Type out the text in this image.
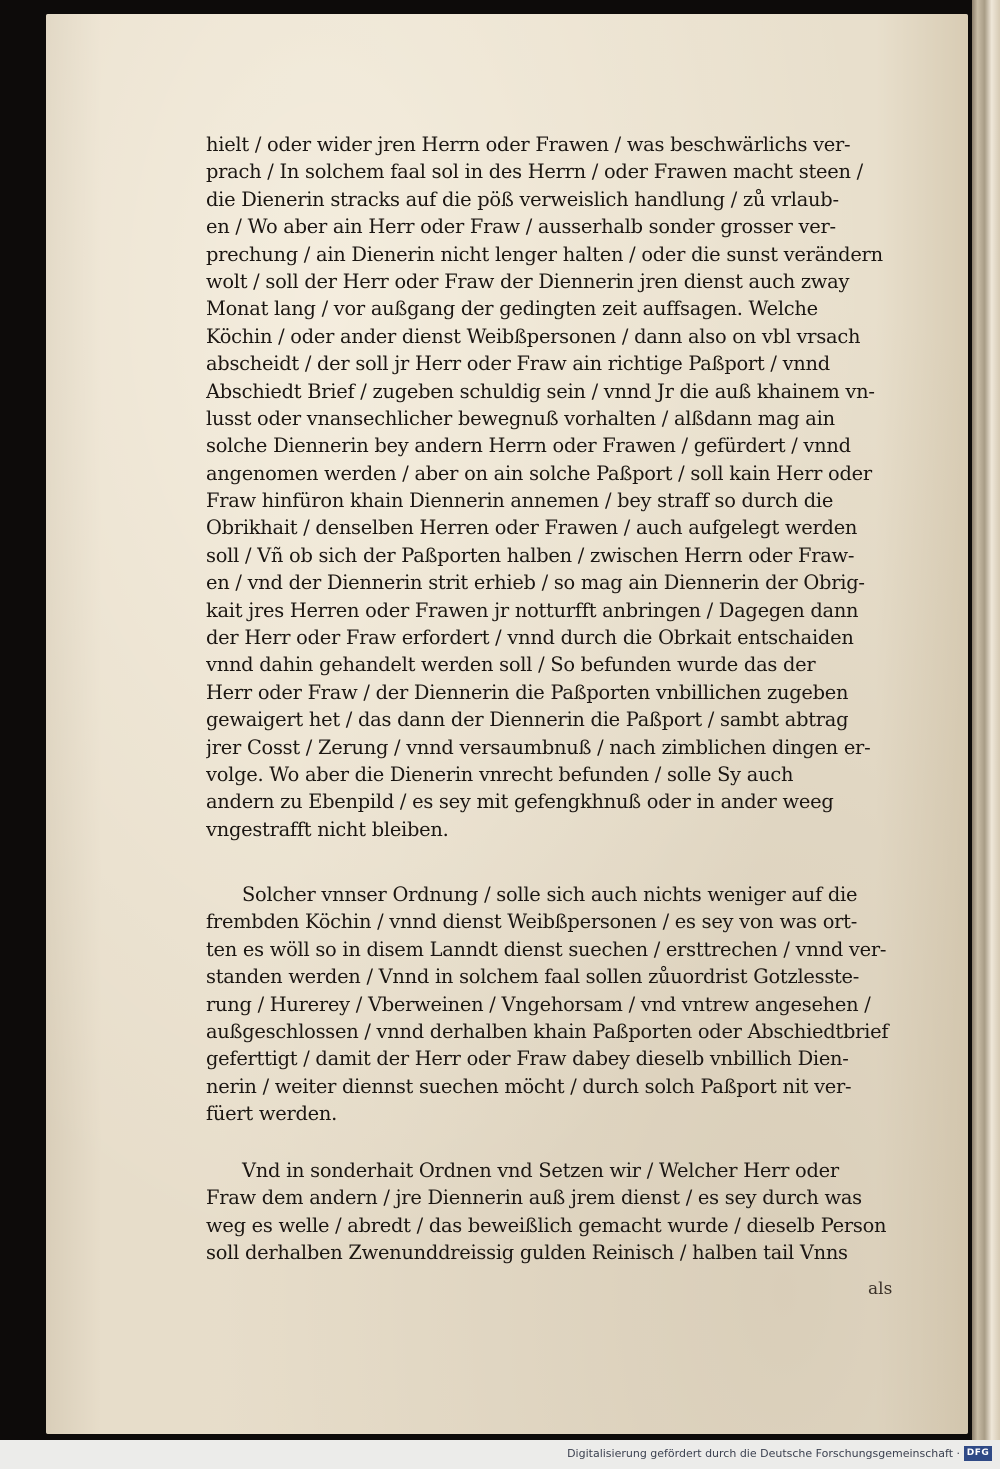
hielt / oder wider jren Herrn oder Frawen / was beschwärlichs ver-
prach / In solchem faal sol in des Herrn / oder Frawen macht steen /
die Dienerin stracks auf die pöß verweislich handlung / zů vrlaub-
en / Wo aber ain Herr oder Fraw / ausserhalb sonder grosser ver-
prechung / ain Dienerin nicht lenger halten / oder die sunst verändern
wolt / soll der Herr oder Fraw der Diennerin jren dienst auch zway
Monat lang / vor außgang der gedingten zeit auffsagen. Welche
Köchin / oder ander dienst Weibßpersonen / dann also on vbl vrsach
abscheidt / der soll jr Herr oder Fraw ain richtige Paßport / vnnd
Abschiedt Brief / zugeben schuldig sein / vnnd Jr die auß khainem vn-
lusst oder vnansechlicher bewegnuß vorhalten / alßdann mag ain
solche Diennerin bey andern Herrn oder Frawen / gefürdert / vnnd
angenomen werden / aber on ain solche Paßport / soll kain Herr oder
Fraw hinfüron khain Diennerin annemen / bey straff so durch die
Obrikhait / denselben Herren oder Frawen / auch aufgelegt werden
soll / Vñ ob sich der Paßporten halben / zwischen Herrn oder Fraw-
en / vnd der Diennerin strit erhieb / so mag ain Diennerin der Obrig-
kait jres Herren oder Frawen jr notturfft anbringen / Dagegen dann
der Herr oder Fraw erfordert / vnnd durch die Obrkait entschaiden
vnnd dahin gehandelt werden soll / So befunden wurde das der
Herr oder Fraw / der Diennerin die Paßporten vnbillichen zugeben
gewaigert het / das dann der Diennerin die Paßport / sambt abtrag
jrer Cosst / Zerung / vnnd versaumbnuß / nach zimblichen dingen er-
volge. Wo aber die Dienerin vnrecht befunden / solle Sy auch
andern zu Ebenpild / es sey mit gefengkhnuß oder in ander weeg
vngestrafft nicht bleiben.
Solcher vnnser Ordnung / solle sich auch nichts weniger auf die
frembden Köchin / vnnd dienst Weibßpersonen / es sey von was ort-
ten es wöll so in disem Lanndt dienst suechen / ersttrechen / vnnd ver-
standen werden / Vnnd in solchem faal sollen zůuordrist Gotzlesste-
rung / Hurerey / Vberweinen / Vngehorsam / vnd vntrew angesehen /
außgeschlossen / vnnd derhalben khain Paßporten oder Abschiedtbrief
geferttigt / damit der Herr oder Fraw dabey dieselb vnbillich Dien-
nerin / weiter diennst suechen möcht / durch solch Paßport nit ver-
füert werden.
Vnd in sonderhait Ordnen vnd Setzen wir / Welcher Herr oder
Fraw dem andern / jre Diennerin auß jrem dienst / es sey durch was
weg es welle / abredt / das beweißlich gemacht wurde / dieselb Person
soll derhalben Zwenunddreissig gulden Reinisch / halben tail Vnns
als
Digitalisierung gefördert durch die Deutsche Forschungsgemeinschaft · DFG
